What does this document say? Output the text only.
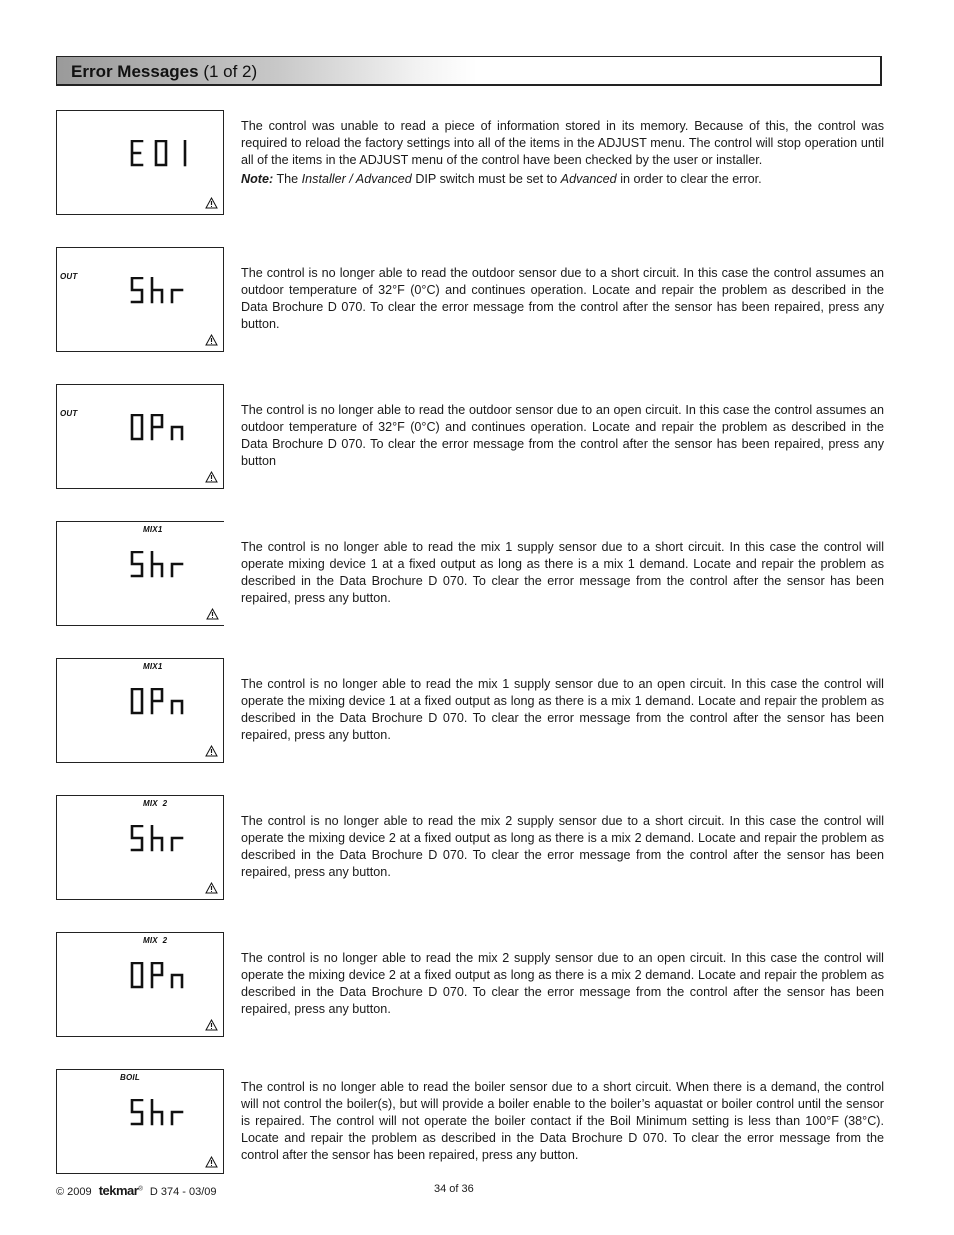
Error Messages (1 of 2)

The control was unable to read a piece of information stored in its memory. Because of this, the control was required to reload the factory settings into all of the items in the ADJUST menu. The control will stop operation until all of the items in the ADJUST menu of the control have been checked by the user or installer.

Note: The Installer / Advanced DIP switch must be set to Advanced in order to clear the error.

OUT	The control is no longer able to read the outdoor sensor due to a short circuit. In this case the control assumes an outdoor temperature of 32°F (0°C) and continues operation. Locate and repair the problem as described in the Data Brochure D 070. To clear the error message from the control after the sensor has been repaired, press any button.

OUT	The control is no longer able to read the outdoor sensor due to an open circuit. In this case the control assumes an outdoor temperature of 32°F (0°C) and continues operation. Locate and repair the problem as described in the Data Brochure D 070. To clear the error message from the control after the sensor has been repaired, press any button

MIX1

The control is no longer able to read the mix 1 supply sensor due to a short circuit. In this case the control will operate mixing device 1 at a fixed output as long as there is a mix 1 demand. Locate and repair the problem as described in the Data Brochure D 070. To clear the error message from the control after the sensor has been repaired, press any button.

MIX1

The control is no longer able to read the mix 1 supply sensor due to an open circuit. In this case the control will operate the mixing device 1 at a fixed output as long as there is a mix 1 demand. Locate and repair the problem as described in the Data Brochure D 070. To clear the error message from the control after the sensor has been repaired, press any button.

MIX  2

The control is no longer able to read the mix 2 supply sensor due to a short circuit. In this case the control will operate the mixing device 2 at a fixed output as long as there is a mix 2 demand. Locate and repair the problem as described in the Data Brochure D 070. To clear the error message from the control after the sensor has been repaired, press any button.

MIX  2

The control is no longer able to read the mix 2 supply sensor due to an open circuit. In this case the control will operate the mixing device 2 at a fixed output as long as there is a mix 2 demand. Locate and repair the problem as described in the Data Brochure D 070. To clear the error message from the control after the sensor has been repaired, press any button.

BOIL

The control is no longer able to read the boiler sensor due to a short circuit. When there is a demand, the control will not control the boiler(s), but will provide a boiler enable to the boiler’s aquastat or boiler control until the sensor is repaired. The control will not operate the boiler contact if the Boil Minimum setting is less than 100°F (38°C). Locate and repair the problem as described in the Data Brochure D 070. To clear the error message from the control after the sensor has been repaired, press any button.

© 2009 tekmar® D 374 - 03/09	34 of 36
